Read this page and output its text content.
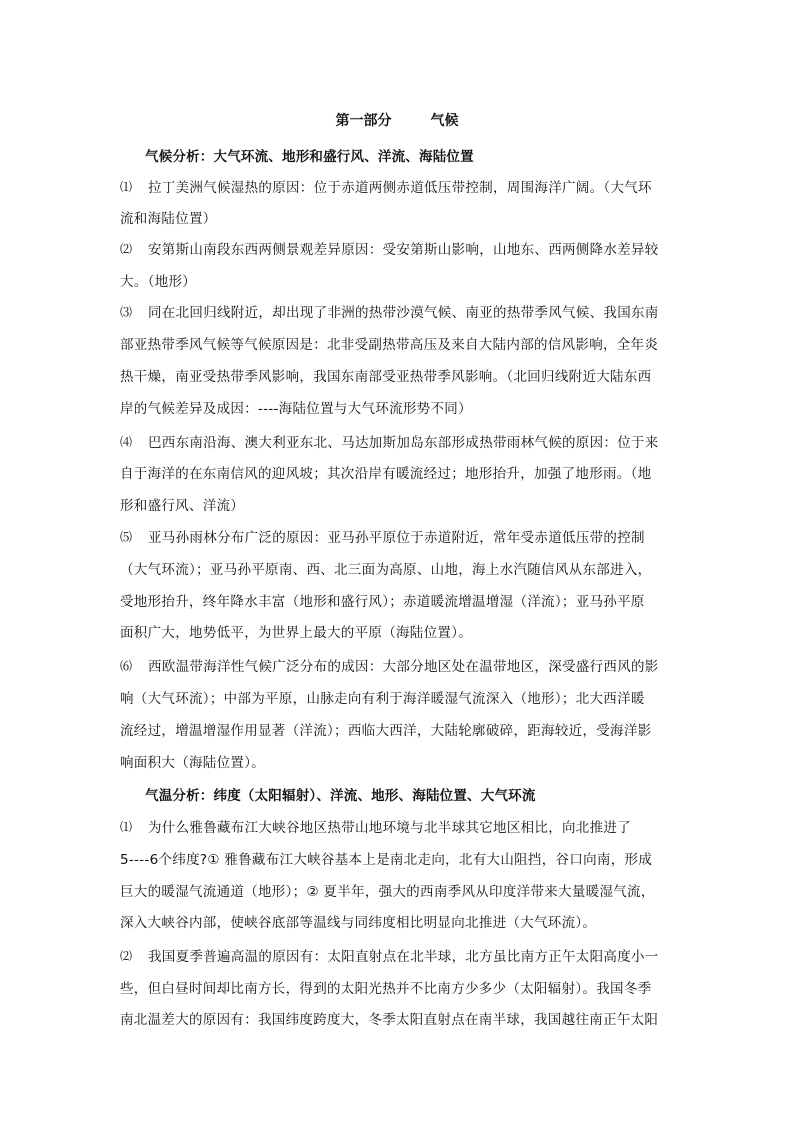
第一部分        气候
气候分析：大气环流、地形和盛行风、洋流、海陆位置
⑴ 拉丁美洲气候湿热的原因：位于赤道两侧赤道低压带控制，周围海洋广阔。（大气环
流和海陆位置）
⑵ 安第斯山南段东西两侧景观差异原因：受安第斯山影响，山地东、西两侧降水差异较
大。（地形）
⑶ 同在北回归线附近，却出现了非洲的热带沙漠气候、南亚的热带季风气候、我国东南
部亚热带季风气候等气候原因是：北非受副热带高压及来自大陆内部的信风影响，全年炎
热干燥，南亚受热带季风影响，我国东南部受亚热带季风影响。（北回归线附近大陆东西
岸的气候差异及成因：----海陆位置与大气环流形势不同）
⑷ 巴西东南沿海、澳大利亚东北、马达加斯加岛东部形成热带雨林气候的原因：位于来
自于海洋的在东南信风的迎风坡；其次沿岸有暖流经过；地形抬升，加强了地形雨。（地
形和盛行风、洋流）
⑸ 亚马孙雨林分布广泛的原因：亚马孙平原位于赤道附近，常年受赤道低压带的控制
（大气环流）；亚马孙平原南、西、北三面为高原、山地，海上水汽随信风从东部进入，
受地形抬升，终年降水丰富（地形和盛行风）；赤道暖流增温增湿（洋流）；亚马孙平原
面积广大，地势低平，为世界上最大的平原（海陆位置）。
⑹ 西欧温带海洋性气候广泛分布的成因：大部分地区处在温带地区，深受盛行西风的影
响（大气环流）；中部为平原，山脉走向有利于海洋暖湿气流深入（地形）；北大西洋暖
流经过，增温增湿作用显著（洋流）；西临大西洋，大陆轮廓破碎，距海较近，受海洋影
响面积大（海陆位置）。
气温分析：纬度（太阳辐射）、洋流、地形、海陆位置、大气环流
⑴ 为什么雅鲁藏布江大峡谷地区热带山地环境与北半球其它地区相比，向北推进了
5----6个纬度?① 雅鲁藏布江大峡谷基本上是南北走向，北有大山阻挡，谷口向南，形成
巨大的暖湿气流通道（地形）；② 夏半年，强大的西南季风从印度洋带来大量暖湿气流，
深入大峡谷内部，使峡谷底部等温线与同纬度相比明显向北推进（大气环流）。
⑵ 我国夏季普遍高温的原因有：太阳直射点在北半球，北方虽比南方正午太阳高度小一
些，但白昼时间却比南方长，得到的太阳光热并不比南方少多少（太阳辐射）。我国冬季
南北温差大的原因有：我国纬度跨度大，冬季太阳直射点在南半球，我国越往南正午太阳
